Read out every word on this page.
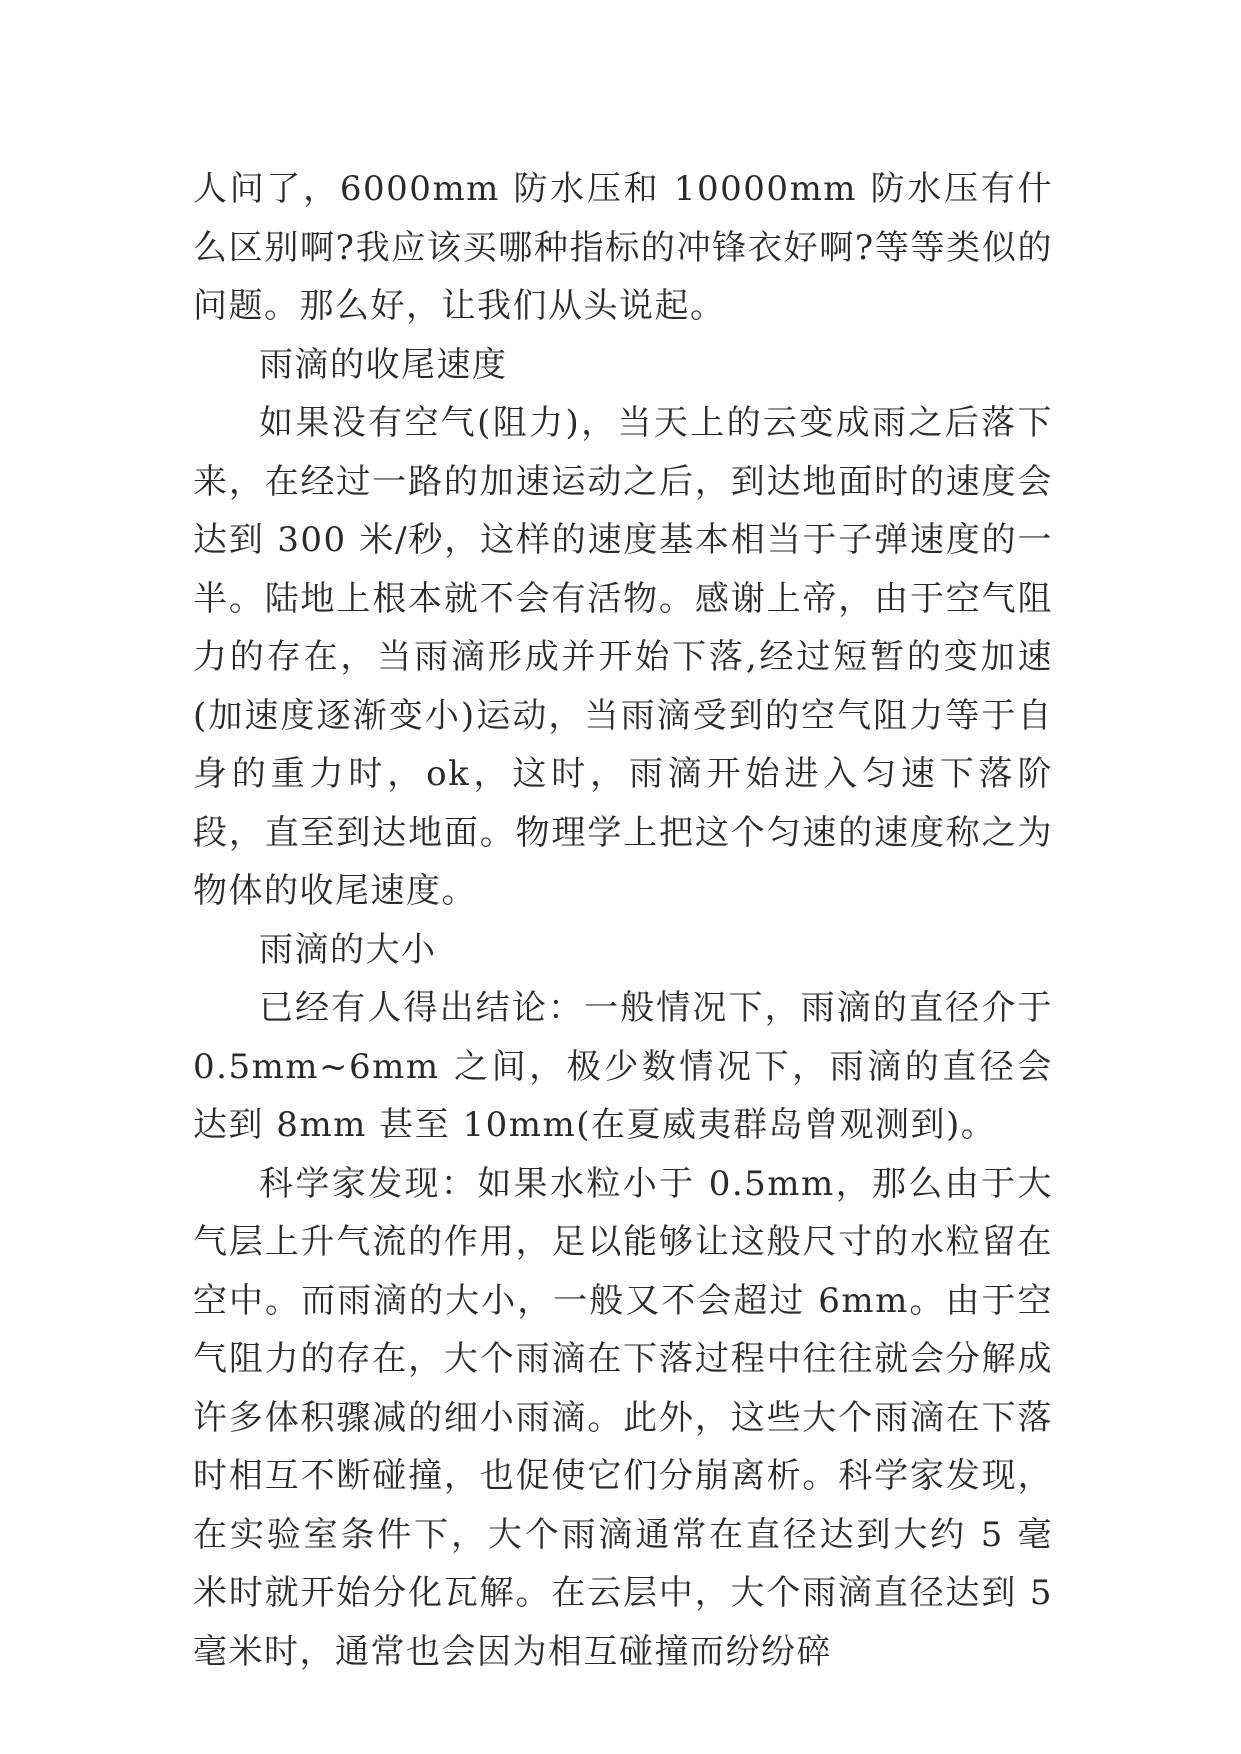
人问了，6000mm 防水压和 10000mm 防水压有什么区别啊?我应该买哪种指标的冲锋衣好啊?等等类似的问题。那么好，让我们从头说起。

雨滴的收尾速度

如果没有空气(阻力)，当天上的云变成雨之后落下来，在经过一路的加速运动之后，到达地面时的速度会达到 300 米/秒，这样的速度基本相当于子弹速度的一半。陆地上根本就不会有活物。感谢上帝，由于空气阻力的存在，当雨滴形成并开始下落,经过短暂的变加速(加速度逐渐变小)运动，当雨滴受到的空气阻力等于自身的重力时，ok，这时，雨滴开始进入匀速下落阶段，直至到达地面。物理学上把这个匀速的速度称之为物体的收尾速度。

雨滴的大小

已经有人得出结论：一般情况下，雨滴的直径介于 0.5mm~6mm 之间，极少数情况下，雨滴的直径会达到 8mm 甚至 10mm(在夏威夷群岛曾观测到)。

科学家发现：如果水粒小于 0.5mm，那么由于大气层上升气流的作用，足以能够让这般尺寸的水粒留在空中。而雨滴的大小，一般又不会超过 6mm。由于空气阻力的存在，大个雨滴在下落过程中往往就会分解成许多体积骤减的细小雨滴。此外，这些大个雨滴在下落时相互不断碰撞，也促使它们分崩离析。科学家发现，在实验室条件下，大个雨滴通常在直径达到大约 5 毫米时就开始分化瓦解。在云层中，大个雨滴直径达到 5 毫米时，通常也会因为相互碰撞而纷纷碎
